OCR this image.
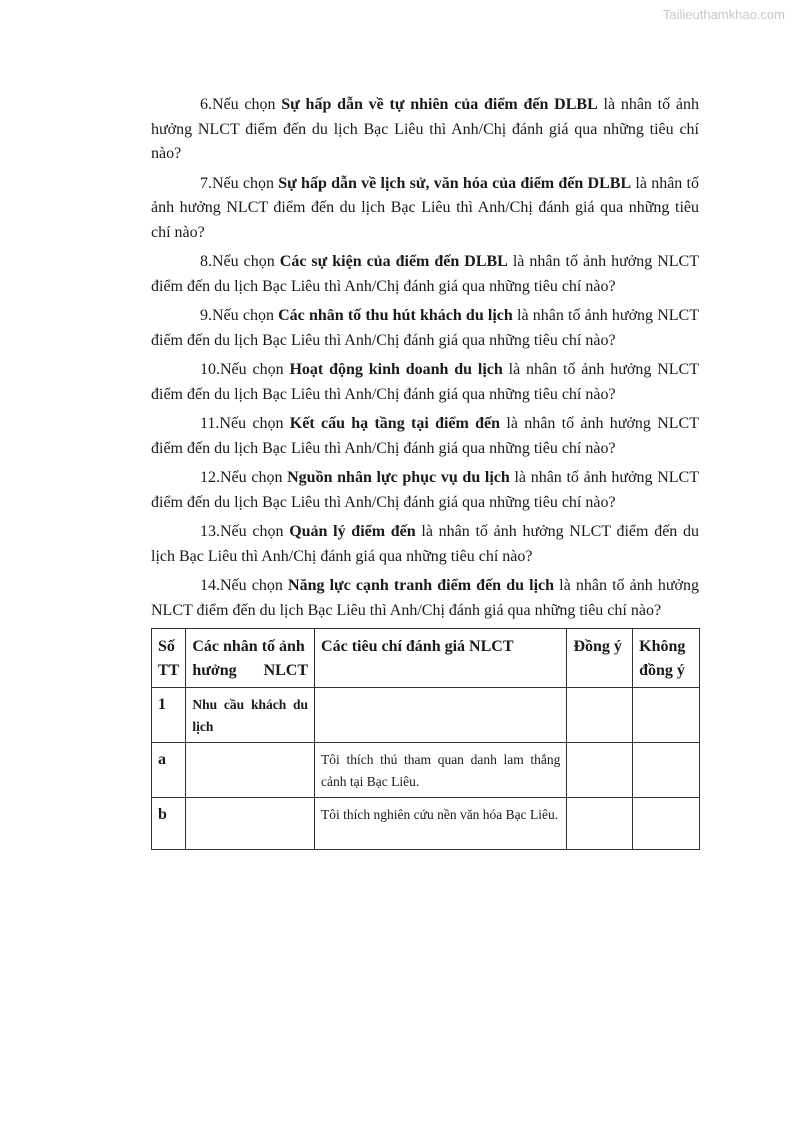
Tailieuthamkhao.com

6.Nếu chọn Sự hấp dẫn về tự nhiên của điểm đến DLBL là nhân tố ảnh hưởng NLCT điểm đến du lịch Bạc Liêu thì Anh/Chị đánh giá qua những tiêu chí nào?

7.Nếu chọn Sự hấp dẫn về lịch sử, văn hóa của điểm đến DLBL là nhân tố ảnh hưởng NLCT điểm đến du lịch Bạc Liêu thì Anh/Chị đánh giá qua những tiêu chí nào?

8.Nếu chọn Các sự kiện của điểm đến DLBL là nhân tố ảnh hưởng NLCT điểm đến du lịch Bạc Liêu thì Anh/Chị đánh giá qua những tiêu chí nào?

9.Nếu chọn Các nhân tố thu hút khách du lịch là nhân tố ảnh hưởng NLCT điểm đến du lịch Bạc Liêu thì Anh/Chị đánh giá qua những tiêu chí nào?

10.Nếu chọn Hoạt động kinh doanh du lịch là nhân tố ảnh hưởng NLCT điểm đến du lịch Bạc Liêu thì Anh/Chị đánh giá qua những tiêu chí nào?

11.Nếu chọn Kết cấu hạ tầng tại điểm đến là nhân tố ảnh hưởng NLCT điểm đến du lịch Bạc Liêu thì Anh/Chị đánh giá qua những tiêu chí nào?

12.Nếu chọn Nguồn nhân lực phục vụ du lịch là nhân tố ảnh hưởng NLCT điểm đến du lịch Bạc Liêu thì Anh/Chị đánh giá qua những tiêu chí nào?

13.Nếu chọn Quản lý điểm đến là nhân tố ảnh hưởng NLCT điểm đến du lịch Bạc Liêu thì Anh/Chị đánh giá qua những tiêu chí nào?

14.Nếu chọn Năng lực cạnh tranh điểm đến du lịch là nhân tố ảnh hưởng NLCT điểm đến du lịch Bạc Liêu thì Anh/Chị đánh giá qua những tiêu chí nào?

Số TT	Các nhân tố ảnh hưởng NLCT	Các tiêu chí đánh giá NLCT	Đồng ý	Không đồng ý
1	Nhu cầu khách du lịch			
a		Tôi thích thú tham quan danh lam thắng cảnh tại Bạc Liêu.		
b		Tôi thích nghiên cứu nền văn hóa Bạc Liêu.		
